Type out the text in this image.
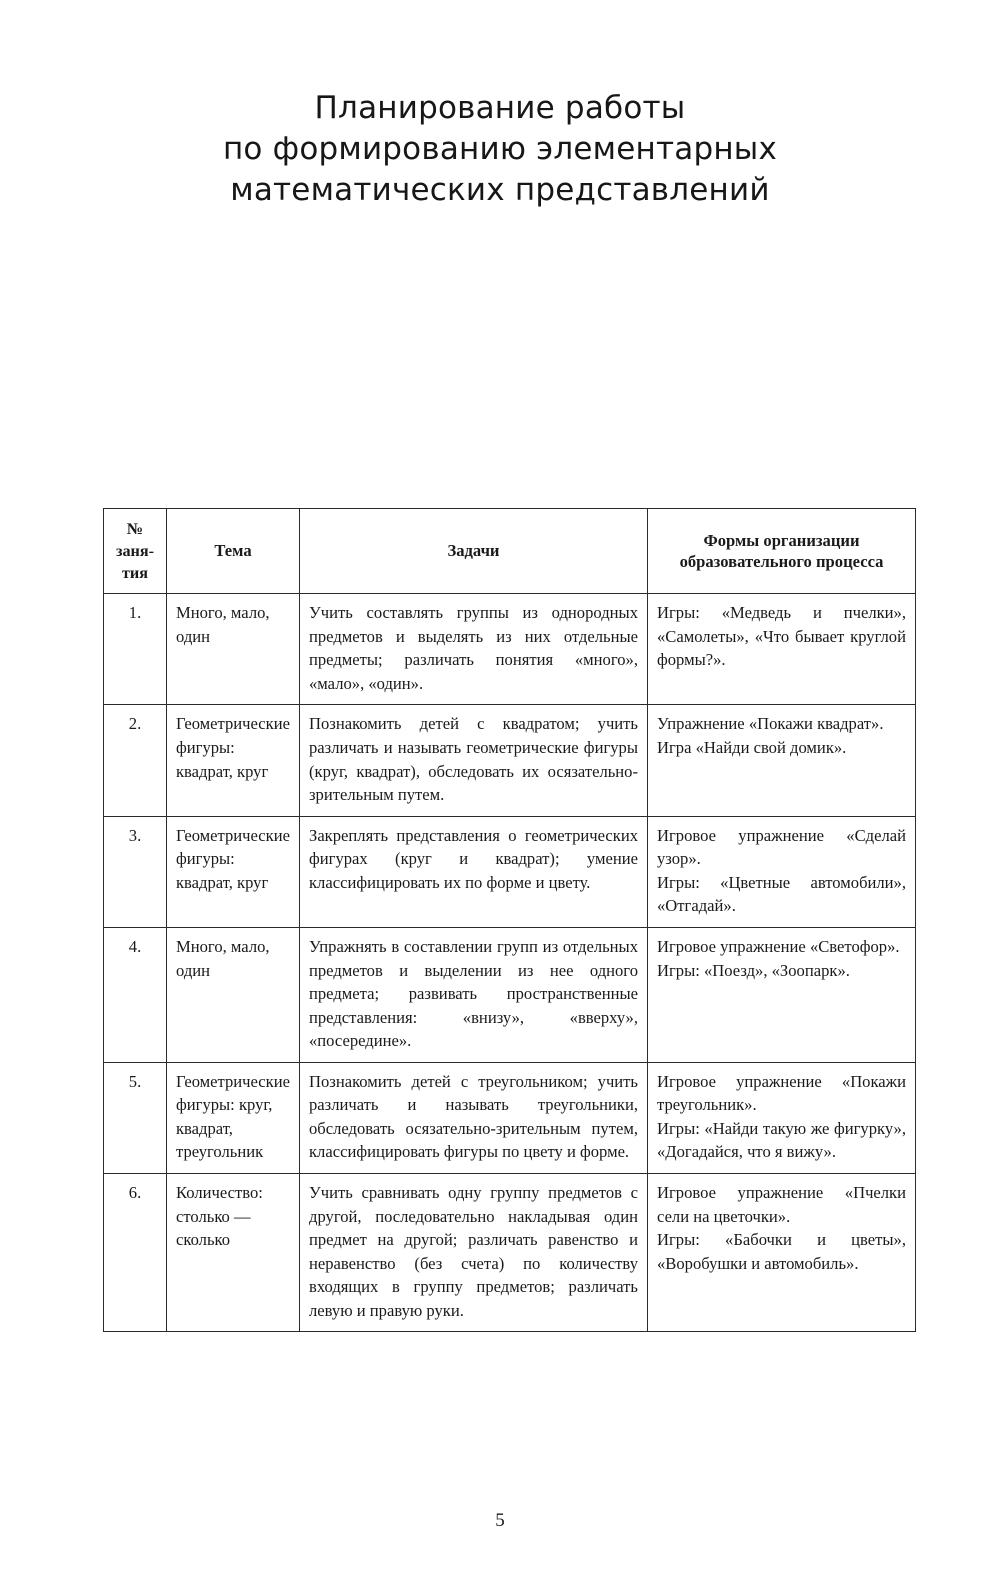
Планирование работы
по формированию элементарных
математических представлений
№
заня-
тия	Тема	Задачи	Формы организации
образовательного процесса
1.	Много, мало, один	Учить составлять группы из однородных предметов и выделять из них отдельные предметы; различать понятия «много», «мало», «один».	Игры: «Медведь и пчелки», «Самолеты», «Что бывает круглой формы?».
2.	Геометрические фигуры: квадрат, круг	Познакомить детей с квадратом; учить различать и называть геометрические фигуры (круг, квадрат), обследовать их осязательно-зрительным путем.	Упражнение «Покажи квадрат».
Игра «Найди свой домик».

3.	Геометрические фигуры: квадрат, круг	Закреплять представления о геометрических фигурах (круг и квадрат); умение классифицировать их по форме и цвету.	Игровое упражнение «Сделай узор».
Игры: «Цветные автомобили», «Отгадай».

4.	Много, мало, один	Упражнять в составлении групп из отдельных предметов и выделении из нее одного предмета; развивать пространственные представления: «внизу», «вверху», «посередине».	Игровое упражнение «Светофор».
Игры: «Поезд», «Зоопарк».

5.	Геометрические фигуры: круг, квадрат, треугольник	Познакомить детей с треугольником; учить различать и называть треугольники, обследовать осязательно-зрительным путем, классифицировать фигуры по цвету и форме.	Игровое упражнение «Покажи треугольник».
Игры: «Найди такую же фигурку», «Догадайся, что я вижу».

6.	Количество: столько — сколько	Учить сравнивать одну группу предметов с другой, последовательно накладывая один предмет на другой; различать равенство и неравенство (без счета) по количеству входящих в группу предметов; различать левую и правую руки.	Игровое упражнение «Пчелки сели на цветочки».
Игры: «Бабочки и цветы», «Воробушки и автомобиль».
5
